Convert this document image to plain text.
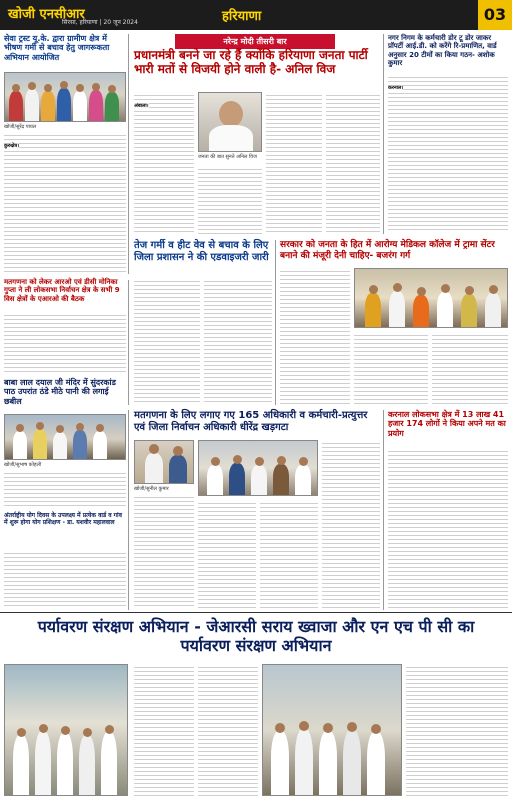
खोजी एनसीआर
सिरसा, हरियाणा | 20 जून 2024	हरियाणा	03
सेवा ट्रस्ट यू.के. द्वारा ग्रामीण क्षेत्र में भीषण गर्मी से बचाव हेतु जागरूकता अभियान आयोजित
खोजी/सुरेंद्र पायल
कुरुक्षेत्र।
नरेन्द्र मोदी तीसरी बार
प्रधानमंत्री बनने जा रहे हैं क्योंकि हरियाणा जनता पार्टी भारी मतों से विजयी होने वाली है- अनिल विज
अंबाला।
जनता की बात सुनते अनिल विज
नगर निगम के कर्मचारी डोर टू डोर जाकर प्रॉपर्टी आई.डी. को करेंगे रि-प्रमाणित, वार्ड अनुसार 20 टीमों का किया गठन- अशोक कुमार
करनाल।
मतगणना को लेकर आरओ एवं डीसी मोनिका गुप्ता ने ली लोकसभा निर्वाचन क्षेत्र के सभी 9 विस क्षेत्रों के एआरओ की बैठक
तेज गर्मी व हीट वेव से बचाव के लिए जिला प्रशासन ने की एडवाइजरी जारी
सरकार को जनता के हित में आरोग्य मेडिकल कॉलेज में ट्रामा सेंटर बनाने की मंजूरी देनी चाहिए- बजरंग गर्ग
बाबा लाल दयाल जी मंदिर में सुंदरकांड पाठ उपरांत ठंडे मीठे पानी की लगाई छबील
खोजी/सुभाष कोहली
अंतर्राष्ट्रीय योग दिवस के उपलक्ष्य में प्रत्येक वार्ड व गांव में शुरू होगा योग प्रशिक्षण - डा. यशवीर महालवाल
मतगणना के लिए लगाए गए 165 अधिकारी व कर्मचारी-प्रत्युत्तर एवं जिला निर्वाचन अधिकारी धीरेंद्र खड़गटा
खोजी/सुनील कुमार
करनाल लोकसभा क्षेत्र में 13 लाख 41 हजार 174 लोगों ने किया अपने मत का प्रयोग
पर्यावरण संरक्षण अभियान - जेआरसी सराय ख्वाजा और एन एच पी सी का पर्यावरण संरक्षण अभियान
